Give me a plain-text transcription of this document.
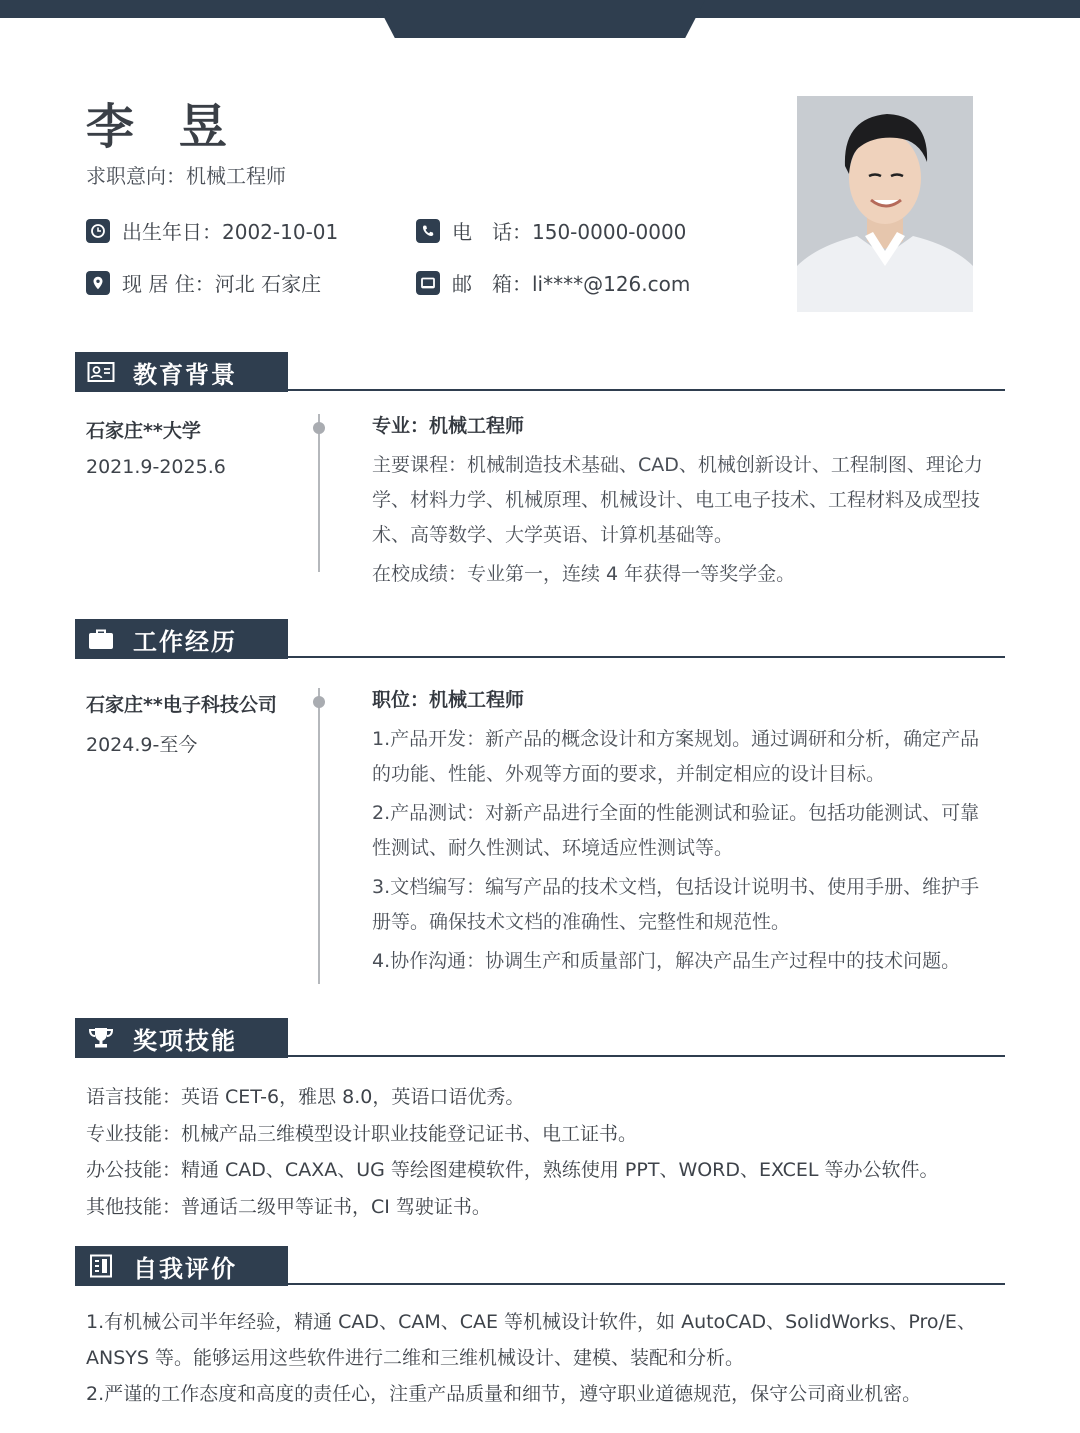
李 昱
求职意向：机械工程师
出生年日：2002-10-01	电　话：150-0000-0000
现 居 住：河北 石家庄	邮　箱：li****@126.com
教育背景
石家庄**大学
2021.9-2025.6
专业：机械工程师

主要课程：机械制造技术基础、CAD、机械创新设计、工程制图、理论力学、材料力学、机械原理、机械设计、电工电子技术、工程材料及成型技术、高等数学、大学英语、计算机基础等。

在校成绩：专业第一，连续 4 年获得一等奖学金。

工作经历
石家庄**电子科技公司
2024.9-至今
职位：机械工程师

1.产品开发：新产品的概念设计和方案规划。通过调研和分析，确定产品的功能、性能、外观等方面的要求，并制定相应的设计目标。

2.产品测试：对新产品进行全面的性能测试和验证。包括功能测试、可靠性测试、耐久性测试、环境适应性测试等。

3.文档编写：编写产品的技术文档，包括设计说明书、使用手册、维护手册等。确保技术文档的准确性、完整性和规范性。

4.协作沟通：协调生产和质量部门，解决产品生产过程中的技术问题。

奖项技能
语言技能：英语 CET-6，雅思 8.0，英语口语优秀。
专业技能：机械产品三维模型设计职业技能登记证书、电工证书。
办公技能：精通 CAD、CAXA、UG 等绘图建模软件，熟练使用 PPT、WORD、EXCEL 等办公软件。
其他技能：普通话二级甲等证书，CI 驾驶证书。
自我评价
1.有机械公司半年经验，精通 CAD、CAM、CAE 等机械设计软件，如 AutoCAD、SolidWorks、Pro/E、ANSYS 等。能够运用这些软件进行二维和三维机械设计、建模、装配和分析。
2.严谨的工作态度和高度的责任心，注重产品质量和细节，遵守职业道德规范，保守公司商业机密。
